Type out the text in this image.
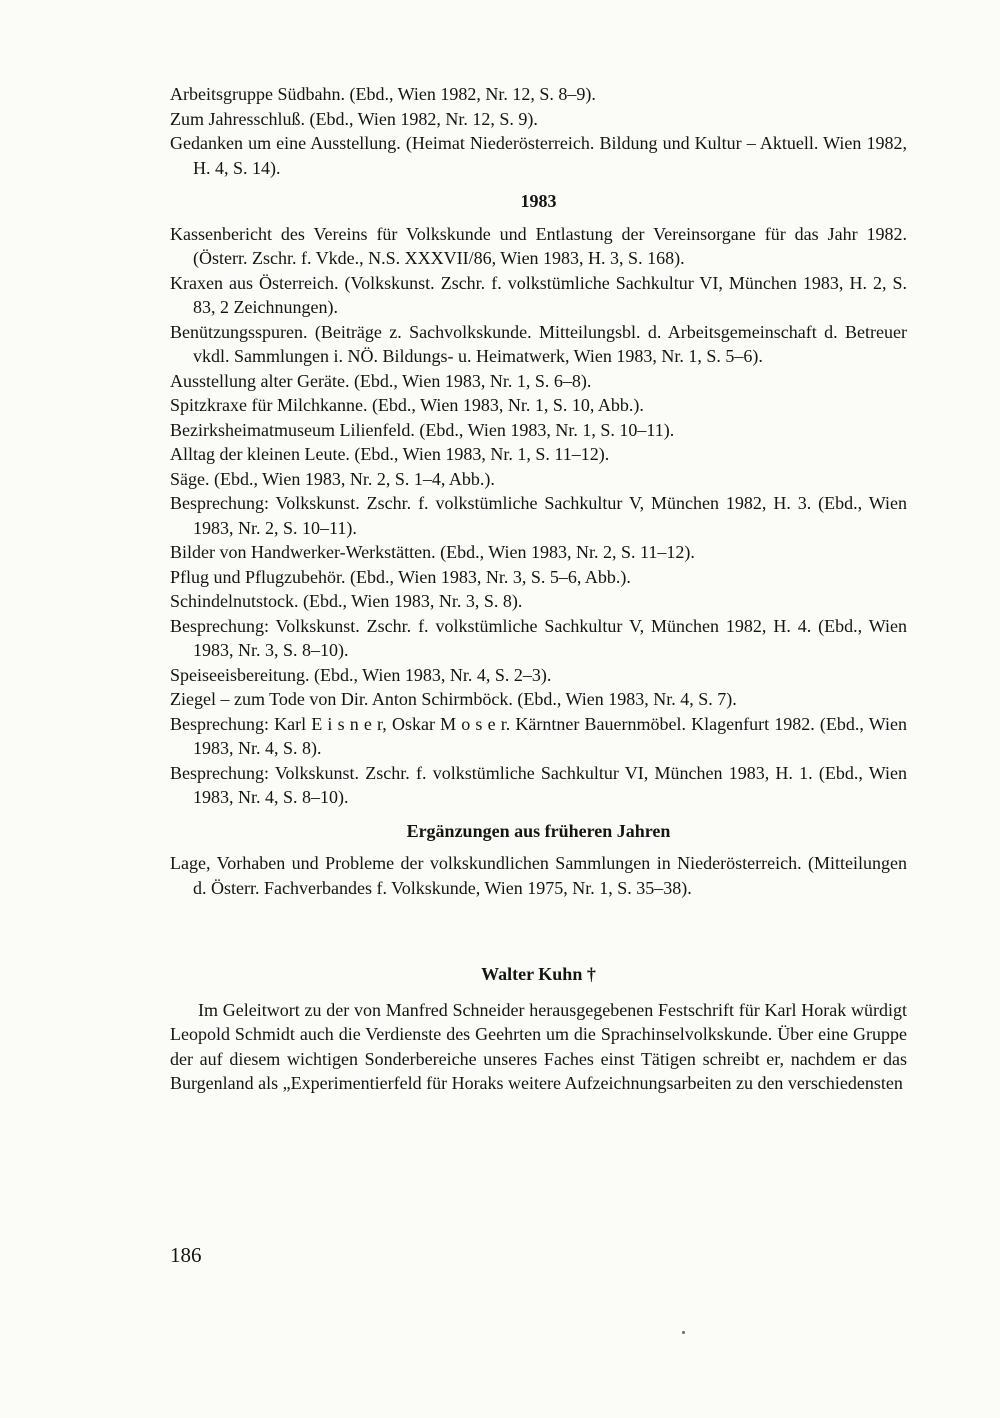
Arbeitsgruppe Südbahn. (Ebd., Wien 1982, Nr. 12, S. 8–9).

Zum Jahresschluß. (Ebd., Wien 1982, Nr. 12, S. 9).

Gedanken um eine Ausstellung. (Heimat Niederösterreich. Bildung und Kultur – Aktuell. Wien 1982, H. 4, S. 14).

1983

Kassenbericht des Vereins für Volkskunde und Entlastung der Vereinsorgane für das Jahr 1982. (Österr. Zschr. f. Vkde., N.S. XXXVII/86, Wien 1983, H. 3, S. 168).

Kraxen aus Österreich. (Volkskunst. Zschr. f. volkstümliche Sachkultur VI, München 1983, H. 2, S. 83, 2 Zeichnungen).

Benützungsspuren. (Beiträge z. Sachvolkskunde. Mitteilungsbl. d. Arbeitsgemeinschaft d. Betreuer vkdl. Sammlungen i. NÖ. Bildungs- u. Heimatwerk, Wien 1983, Nr. 1, S. 5–6).

Ausstellung alter Geräte. (Ebd., Wien 1983, Nr. 1, S. 6–8).

Spitzkraxe für Milchkanne. (Ebd., Wien 1983, Nr. 1, S. 10, Abb.).

Bezirksheimatmuseum Lilienfeld. (Ebd., Wien 1983, Nr. 1, S. 10–11).

Alltag der kleinen Leute. (Ebd., Wien 1983, Nr. 1, S. 11–12).

Säge. (Ebd., Wien 1983, Nr. 2, S. 1–4, Abb.).

Besprechung: Volkskunst. Zschr. f. volkstümliche Sachkultur V, München 1982, H. 3. (Ebd., Wien 1983, Nr. 2, S. 10–11).

Bilder von Handwerker-Werkstätten. (Ebd., Wien 1983, Nr. 2, S. 11–12).

Pflug und Pflugzubehör. (Ebd., Wien 1983, Nr. 3, S. 5–6, Abb.).

Schindelnutstock. (Ebd., Wien 1983, Nr. 3, S. 8).

Besprechung: Volkskunst. Zschr. f. volkstümliche Sachkultur V, München 1982, H. 4. (Ebd., Wien 1983, Nr. 3, S. 8–10).

Speiseeisbereitung. (Ebd., Wien 1983, Nr. 4, S. 2–3).

Ziegel – zum Tode von Dir. Anton Schirmböck. (Ebd., Wien 1983, Nr. 4, S. 7).

Besprechung: Karl E i s n e r, Oskar M o s e r. Kärntner Bauernmöbel. Klagenfurt 1982. (Ebd., Wien 1983, Nr. 4, S. 8).

Besprechung: Volkskunst. Zschr. f. volkstümliche Sachkultur VI, München 1983, H. 1. (Ebd., Wien 1983, Nr. 4, S. 8–10).

Ergänzungen aus früheren Jahren

Lage, Vorhaben und Probleme der volkskundlichen Sammlungen in Niederösterreich. (Mitteilungen d. Österr. Fachverbandes f. Volkskunde, Wien 1975, Nr. 1, S. 35–38).

Walter Kuhn †

Im Geleitwort zu der von Manfred Schneider herausgegebenen Festschrift für Karl Horak würdigt Leopold Schmidt auch die Verdienste des Geehrten um die Sprachinselvolkskunde. Über eine Gruppe der auf diesem wichtigen Sonderbereiche unseres Faches einst Tätigen schreibt er, nachdem er das Burgenland als „Experimentierfeld für Horaks weitere Aufzeichnungsarbeiten zu den verschiedensten

186
